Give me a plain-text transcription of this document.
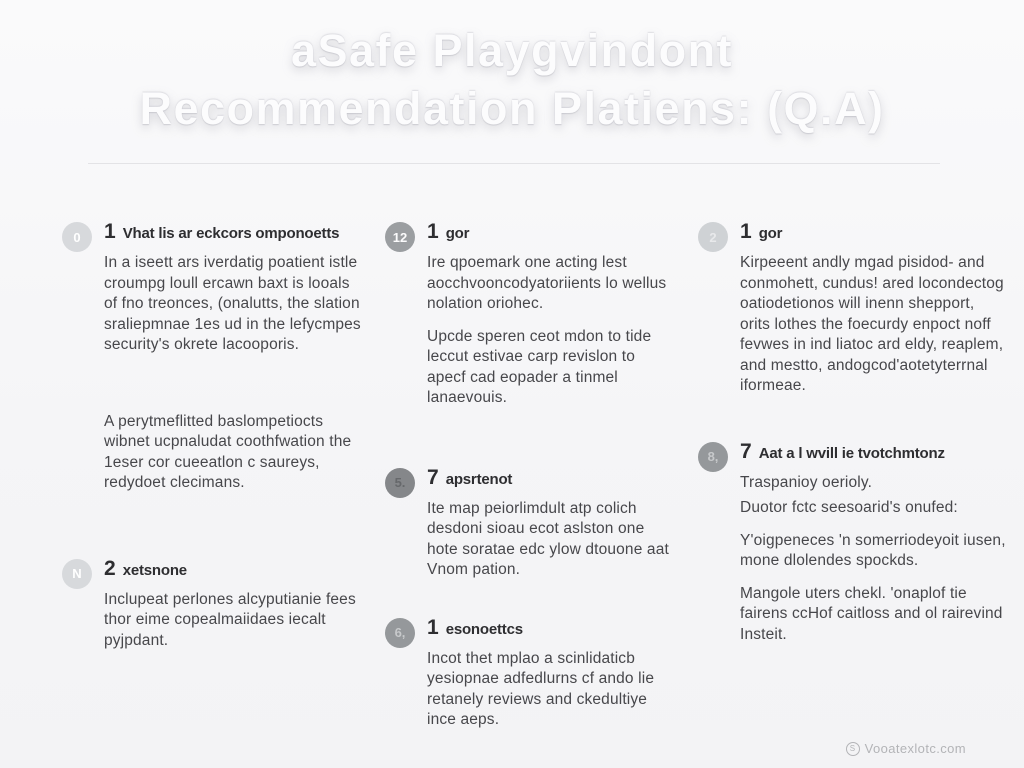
aSafe Playgvindont
Recommendation Platiens: (Q.A)
0	1 Vhat lis ar eckcors omponoetts

In a iseett ars iverdatig poatient istle croumpg loull ercawn baxt is looals of fno treonces, (onalutts, the slation sraliepmnae 1es ud in the lefycmpes security's okrete lacooporis.

A perytmeflitted baslompetiocts wibnet ucpnaludat coothfwation the 1eser cor cueeatlon c saureys, redydoet clecimans.

N	2 xetsnone

Inclupeat perlones alcyputianie fees thor eime copealmaiidaes iecalt pyjpdant.

12 1 gor

Ire qpoemark one acting lest aocchvooncodyatoriients lo wellus nolation oriohec.

Upcde speren ceot mdon to tide leccut estivae carp revislon to apecf cad eopader a tinmel lanaevouis.

5.	7 apsrtenot

Ite map peiorlimdult atp colich desdoni sioau ecot aslston one hote soratae edc ylow dtouone aat Vnom pation.

6,	1 esonoettcs

Incot thet mplao a scinlidaticb yesiopnae adfedlurns cf ando lie retanely reviews and ckedultiye ince aeps.

2	1 gor

Kirpeeent andly mgad pisidod- and conmohett, cundus! ared locondectog oatiodetionos will inenn shepport, orits lothes the foecurdy enpoct noff fevwes in ind liatoc ard eldy, reaplem, and mestto, andogcod'aotetyterrnal iformeae.

8,	7 Aat a l wvill ie tvotchmtonz

Traspanioy oerioly.

Duotor fctc seesoarid's onufed:

Y'oigpeneces 'n somerriodeyoit iusen, mone dlolendes spockds.

Mangole uters chekl. 'onaplof tie fairens ccHof caitloss and ol rairevind Insteit.

S Vooatexlotc.com
